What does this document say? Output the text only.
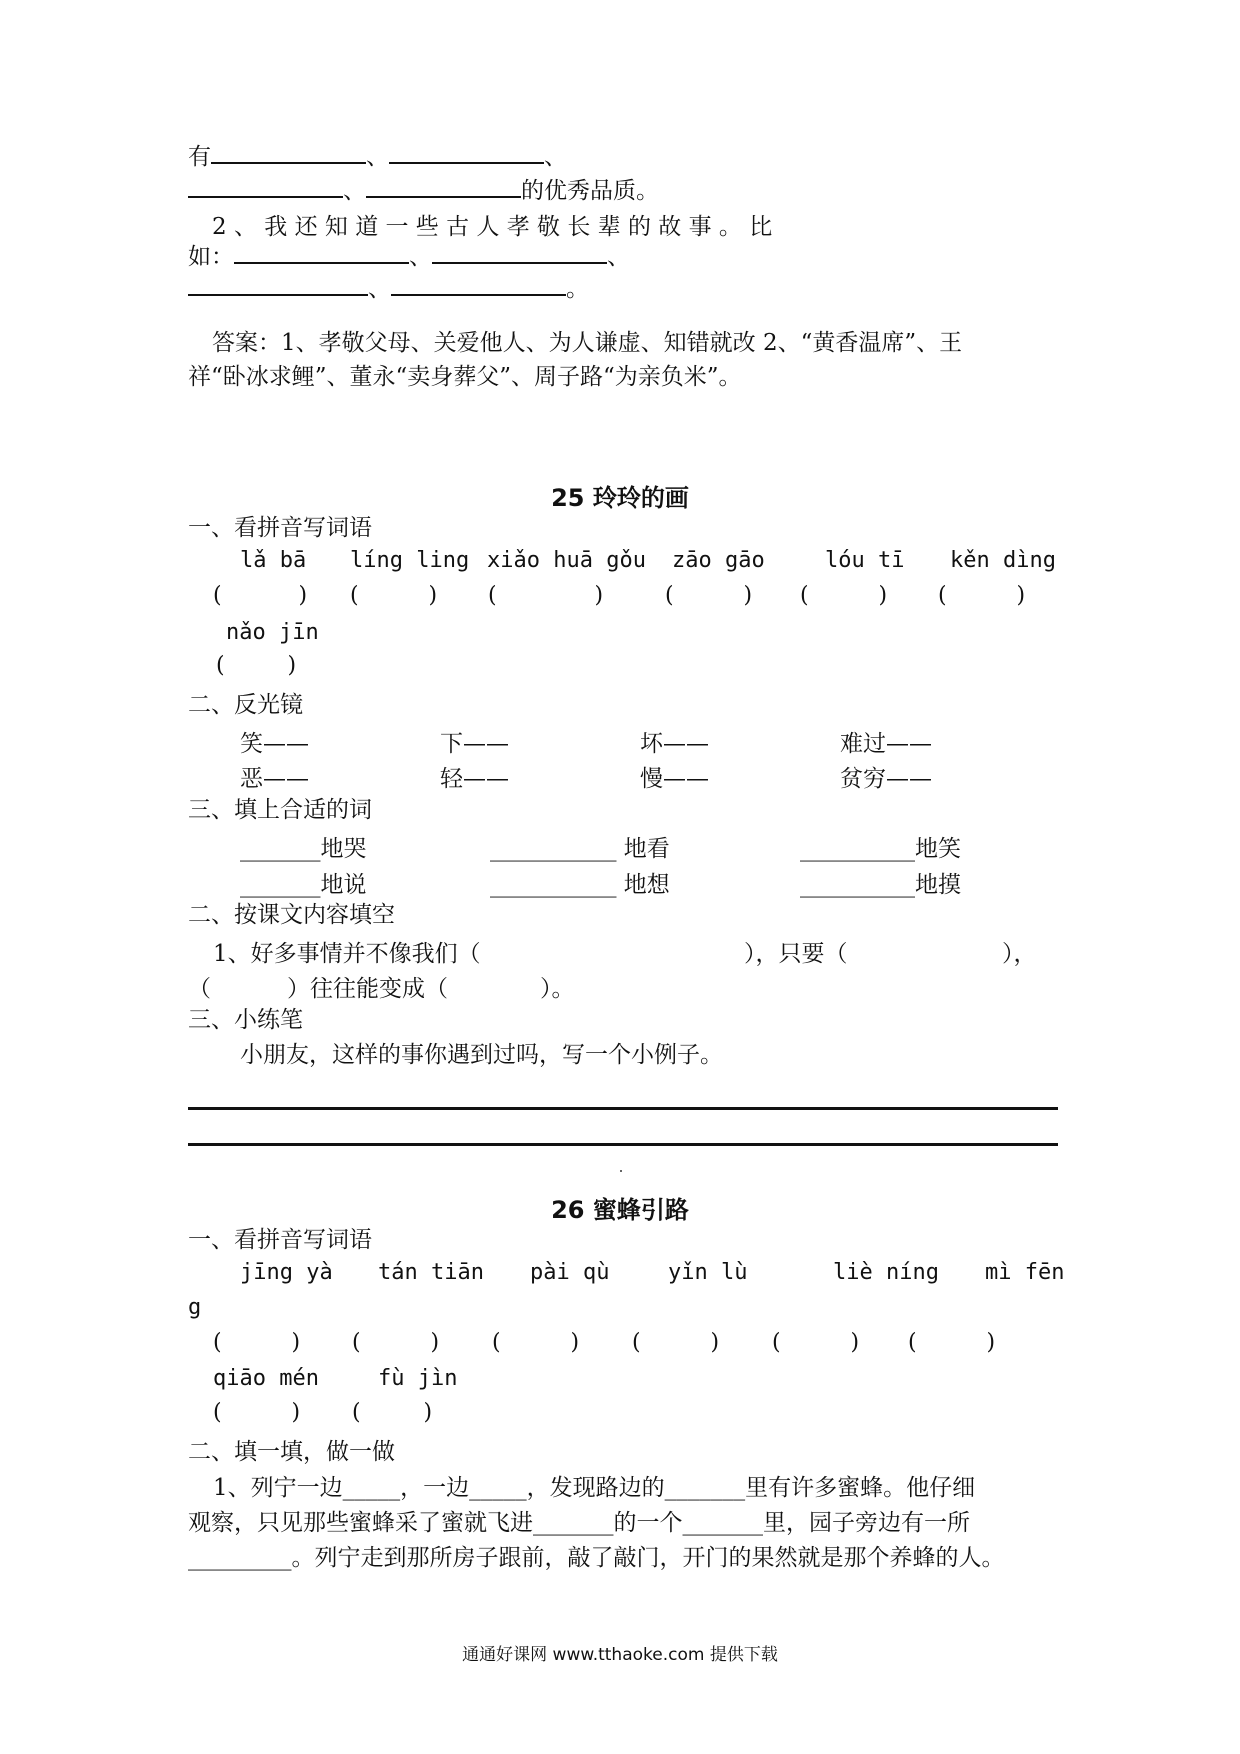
有	、	、
、	的优秀品质。
2 、 我 还 知 道 一 些 古 人 孝 敬 长 辈 的 故 事 。 比
如：	、	、
、	。
答案：1、孝敬父母、关爱他人、为人谦虚、知错就改 2、“黄香温席”、王
祥“卧冰求鲤”、董永“卖身葬父”、周子路“为亲负米”。
25 玲玲的画
一、看拼音写词语
lǎ bā líng ling xiǎo huā gǒu zāo gāo	lóu tī kěn dìng
(           ) (          ) (              )	(          ) (          ) (          )
nǎo jīn
(         )
二、反光镜
笑——	下——	坏——	难过——
恶——	轻——	慢——	贫穷——
三、填上合适的词
_______地哭	___________ 地看	__________地笑
_______地说	___________ 地想	__________地摸
二、按课文内容填空
1、好多事情并不像我们（	），只要（	），
（	）往往能变成（	）。
三、小练笔
小朋友，这样的事你遇到过吗，写一个小例子。
26 蜜蜂引路
一、看拼音写词语
jīng yà tán tiān pài qù	yǐn lù	liè níng mì fēn
g
(          ) (          ) (          ) (          ) (          ) (          )
qiāo mén	fù jìn
(          ) (         )
二、填一填，做一做
1、列宁一边_____，一边_____，发现路边的_______里有许多蜜蜂。他仔细
观察，只见那些蜜蜂采了蜜就飞进_______的一个_______里，园子旁边有一所
_________。列宁走到那所房子跟前，敲了敲门，开门的果然就是那个养蜂的人。
通通好课网 www.tthaoke.com 提供下载
